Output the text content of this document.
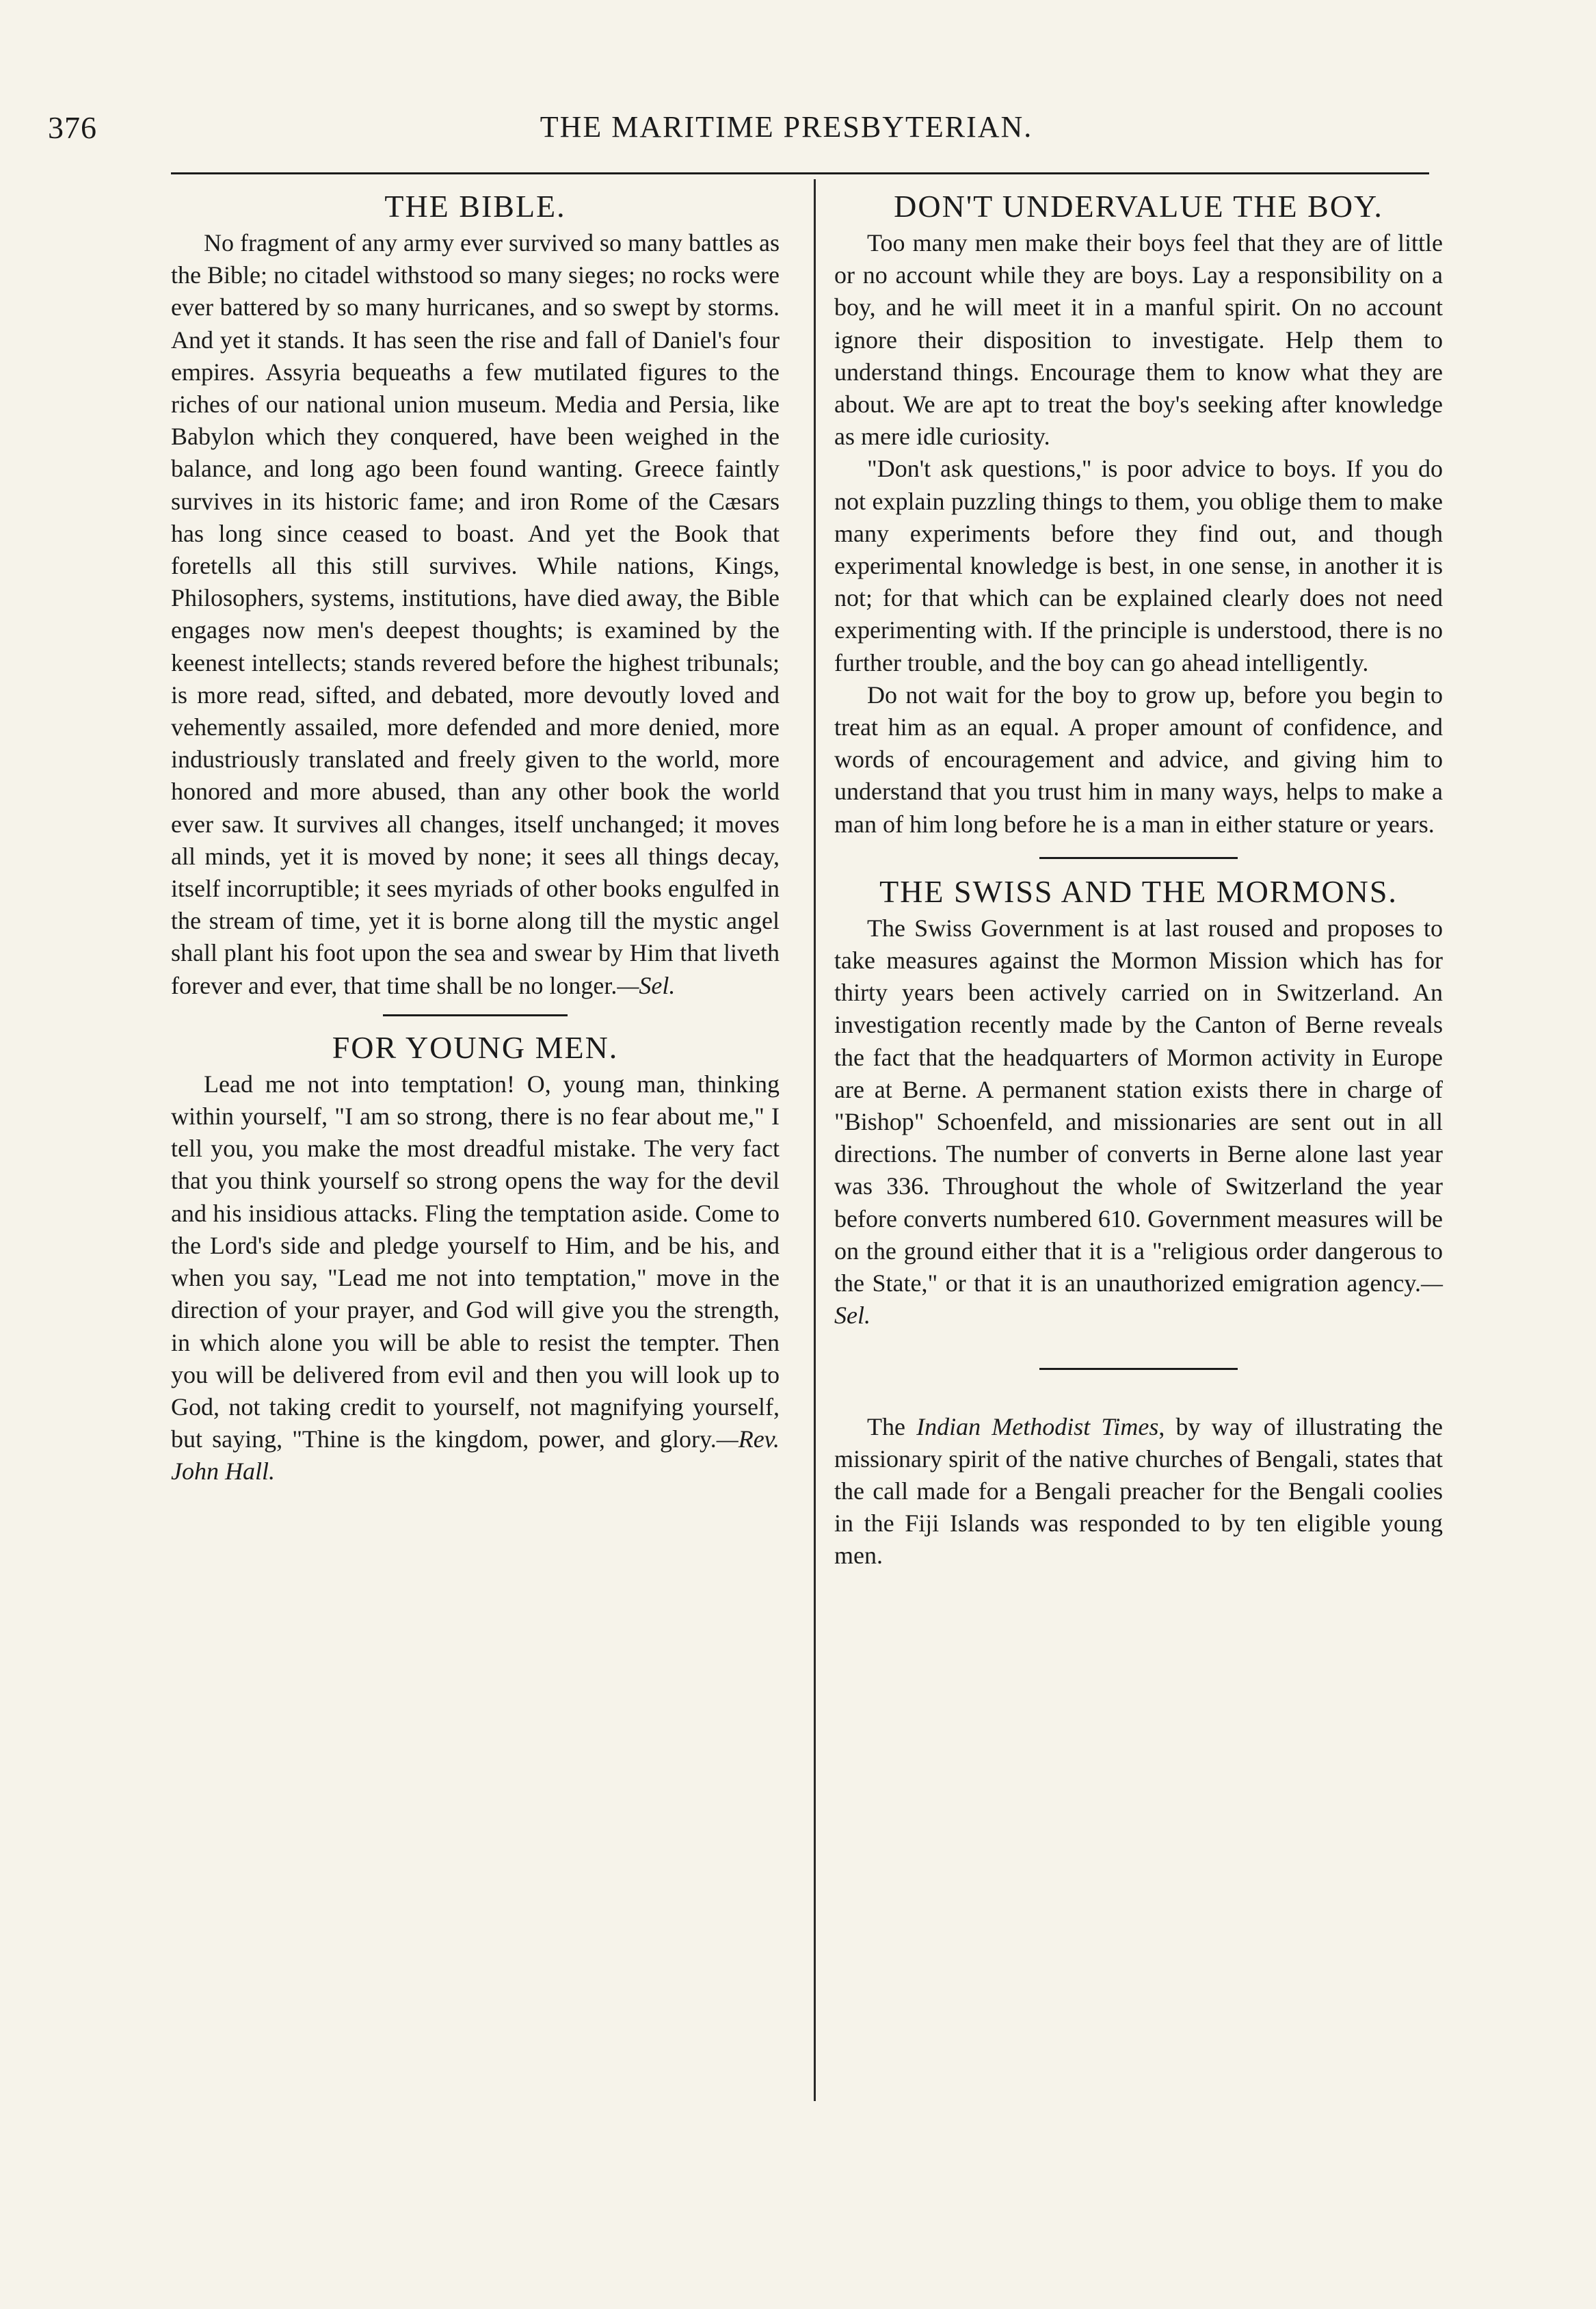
376	THE MARITIME PRESBYTERIAN.
THE BIBLE.

No fragment of any army ever survived so many battles as the Bible; no citadel withstood so many sieges; no rocks were ever battered by so many hurricanes, and so swept by storms. And yet it stands. It has seen the rise and fall of Daniel's four empires. Assyria bequeaths a few mutilated figures to the riches of our national union museum. Media and Persia, like Babylon which they conquered, have been weighed in the balance, and long ago been found wanting. Greece faintly survives in its historic fame; and iron Rome of the Cæsars has long since ceased to boast. And yet the Book that foretells all this still survives. While nations, Kings, Philosophers, systems, institutions, have died away, the Bible engages now men's deepest thoughts; is examined by the keenest intellects; stands revered before the highest tribunals; is more read, sifted, and debated, more devoutly loved and vehemently assailed, more defended and more denied, more industriously translated and freely given to the world, more honored and more abused, than any other book the world ever saw. It survives all changes, itself unchanged; it moves all minds, yet it is moved by none; it sees all things decay, itself incorruptible; it sees myriads of other books engulfed in the stream of time, yet it is borne along till the mystic angel shall plant his foot upon the sea and swear by Him that liveth forever and ever, that time shall be no longer.—Sel.

FOR YOUNG MEN.

Lead me not into temptation! O, young man, thinking within yourself, "I am so strong, there is no fear about me," I tell you, you make the most dreadful mistake. The very fact that you think yourself so strong opens the way for the devil and his insidious attacks. Fling the temptation aside. Come to the Lord's side and pledge yourself to Him, and be his, and when you say, "Lead me not into temptation," move in the direction of your prayer, and God will give you the strength, in which alone you will be able to resist the tempter. Then you will be delivered from evil and then you will look up to God, not taking credit to yourself, not magnifying yourself, but saying, "Thine is the kingdom, power, and glory.—Rev. John Hall.

DON'T UNDERVALUE THE BOY.

Too many men make their boys feel that they are of little or no account while they are boys. Lay a responsibility on a boy, and he will meet it in a manful spirit. On no account ignore their disposition to investigate. Help them to understand things. Encourage them to know what they are about. We are apt to treat the boy's seeking after knowledge as mere idle curiosity.

"Don't ask questions," is poor advice to boys. If you do not explain puzzling things to them, you oblige them to make many experiments before they find out, and though experimental knowledge is best, in one sense, in another it is not; for that which can be explained clearly does not need experimenting with. If the principle is understood, there is no further trouble, and the boy can go ahead intelligently.

Do not wait for the boy to grow up, before you begin to treat him as an equal. A proper amount of confidence, and words of encouragement and advice, and giving him to understand that you trust him in many ways, helps to make a man of him long before he is a man in either stature or years.

THE SWISS AND THE MORMONS.

The Swiss Government is at last roused and proposes to take measures against the Mormon Mission which has for thirty years been actively carried on in Switzerland. An investigation recently made by the Canton of Berne reveals the fact that the headquarters of Mormon activity in Europe are at Berne. A permanent station exists there in charge of "Bishop" Schoenfeld, and missionaries are sent out in all directions. The number of converts in Berne alone last year was 336. Throughout the whole of Switzerland the year before converts numbered 610. Government measures will be on the ground either that it is a "religious order dangerous to the State," or that it is an unauthorized emigration agency.—Sel.

The Indian Methodist Times, by way of illustrating the missionary spirit of the native churches of Bengali, states that the call made for a Bengali preacher for the Bengali coolies in the Fiji Islands was responded to by ten eligible young men.
